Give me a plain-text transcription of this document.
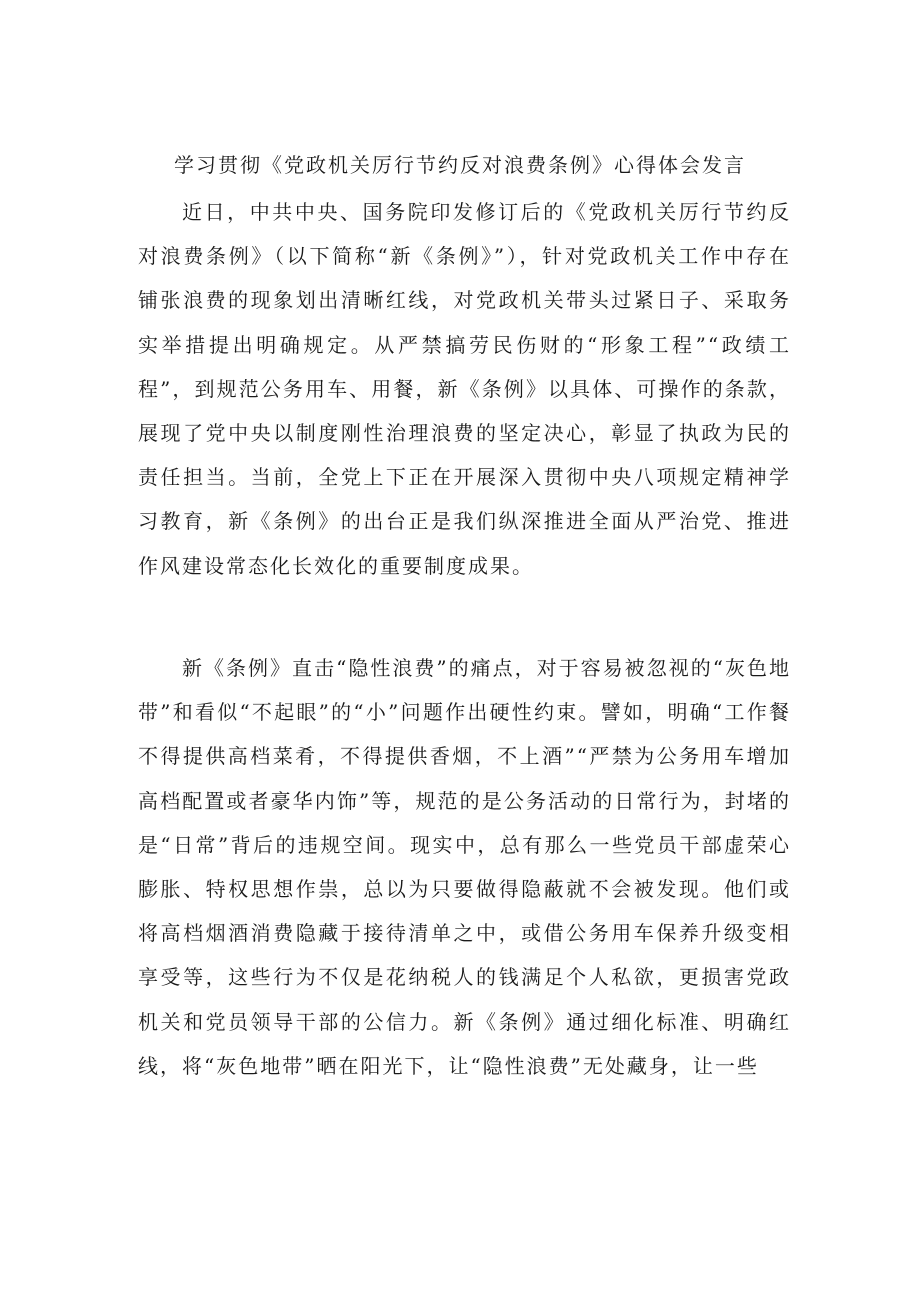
学习贯彻《党政机关厉行节约反对浪费条例》心得体会发言

近日，中共中央、国务院印发修订后的《党政机关厉行节约反对浪费条例》（以下简称“新《条例》”），针对党政机关工作中存在铺张浪费的现象划出清晰红线，对党政机关带头过紧日子、采取务实举措提出明确规定。从严禁搞劳民伤财的“形象工程”“政绩工程”，到规范公务用车、用餐，新《条例》以具体、可操作的条款，展现了党中央以制度刚性治理浪费的坚定决心，彰显了执政为民的责任担当。当前，全党上下正在开展深入贯彻中央八项规定精神学习教育，新《条例》的出台正是我们纵深推进全面从严治党、推进作风建设常态化长效化的重要制度成果。

新《条例》直击“隐性浪费”的痛点，对于容易被忽视的“灰色地带”和看似“不起眼”的“小”问题作出硬性约束。譬如，明确“工作餐不得提供高档菜肴，不得提供香烟，不上酒”“严禁为公务用车增加高档配置或者豪华内饰”等，规范的是公务活动的日常行为，封堵的是“日常”背后的违规空间。现实中，总有那么一些党员干部虚荣心膨胀、特权思想作祟，总以为只要做得隐蔽就不会被发现。他们或将高档烟酒消费隐藏于接待清单之中，或借公务用车保养升级变相享受等，这些行为不仅是花纳税人的钱满足个人私欲，更损害党政机关和党员领导干部的公信力。新《条例》通过细化标准、明确红线，将“灰色地带”晒在阳光下，让“隐性浪费”无处藏身，让一些
